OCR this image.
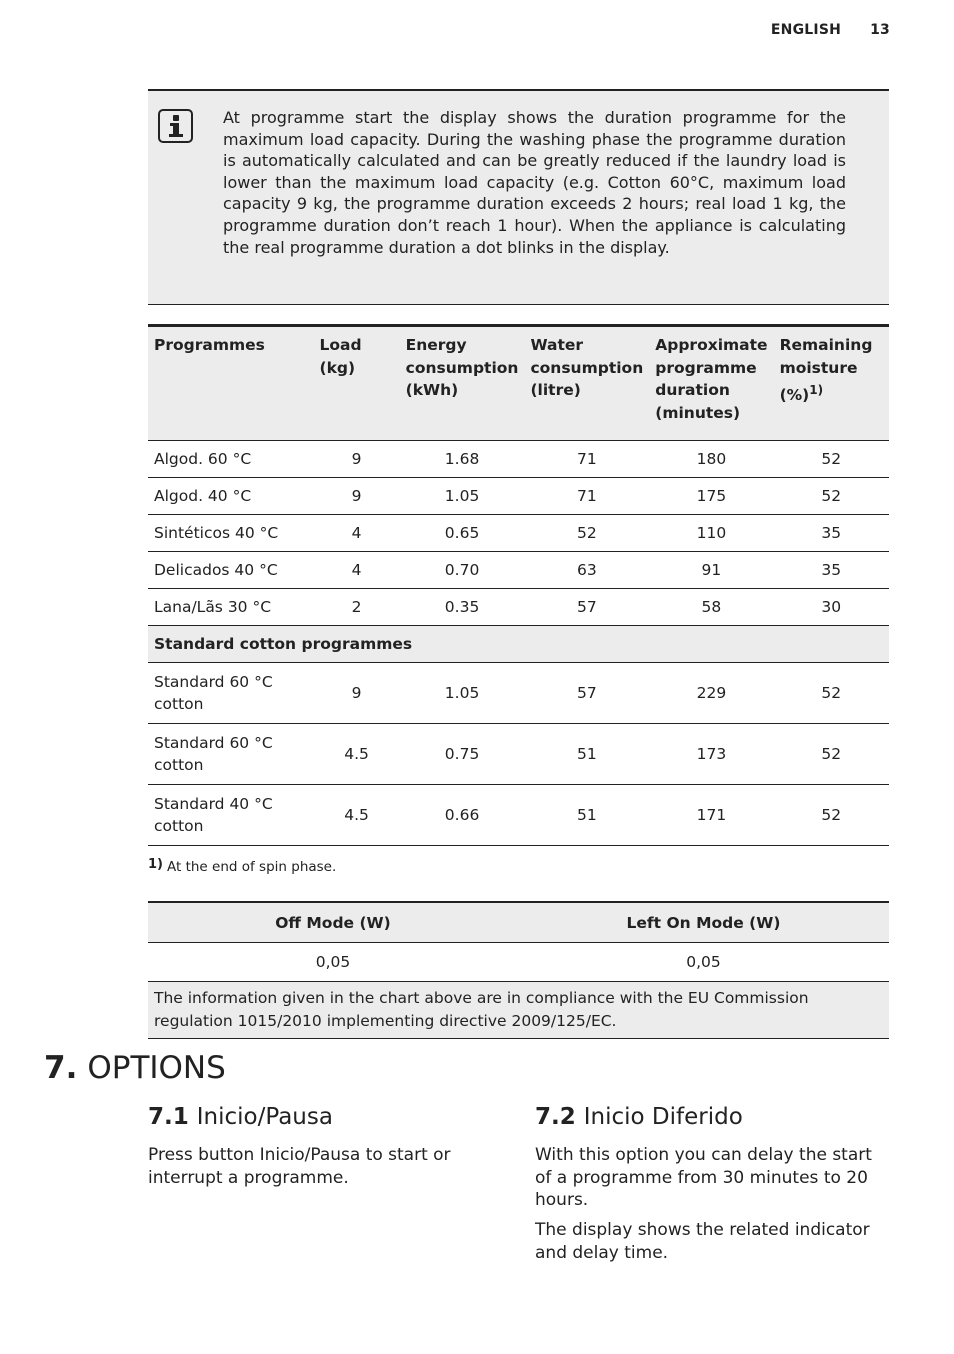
ENGLISH 13
At programme start the display shows the duration programme for the maximum load capacity. During the washing phase the programme duration is automatically calculated and can be greatly reduced if the laundry load is lower than the maximum load capacity (e.g. Cotton 60°C, maximum load capacity 9 kg, the programme duration exceeds 2 hours; real load 1 kg, the programme duration don’t reach 1 hour). When the appliance is calculating the real programme duration a dot blinks in the display.
Programmes	Load (kg)	Energy consumption (kWh)	Water consumption (litre)	Approximate programme duration (minutes)	Remaining moisture (%)$^{1)}$
Algod. 60 °C	9	1.68	71	180	52
Algod. 40 °C	9	1.05	71	175	52
Sintéticos 40 °C	4	0.65	52	110	35
Delicados 40 °C	4	0.70	63	91	35
Lana/Lãs 30 °C	2	0.35	57	58	30
Standard cotton programmes					
Standard 60 °C cotton	9	1.05	57	229	52
Standard 60 °C cotton	4.5	0.75	51	173	52
Standard 40 °C cotton	4.5	0.66	51	171	52
1) At the end of spin phase.
Off Mode (W)	Left On Mode (W)
0,05	0,05
The information given in the chart above are in compliance with the EU Commission regulation 1015/2010 implementing directive 2009/125/EC.	
7. OPTIONS
7.1 Inicio/Pausa
Press button Inicio/Pausa to start or interrupt a programme.
7.2 Inicio Diferido
With this option you can delay the start of a programme from 30 minutes to 20 hours.
The display shows the related indicator and delay time.
